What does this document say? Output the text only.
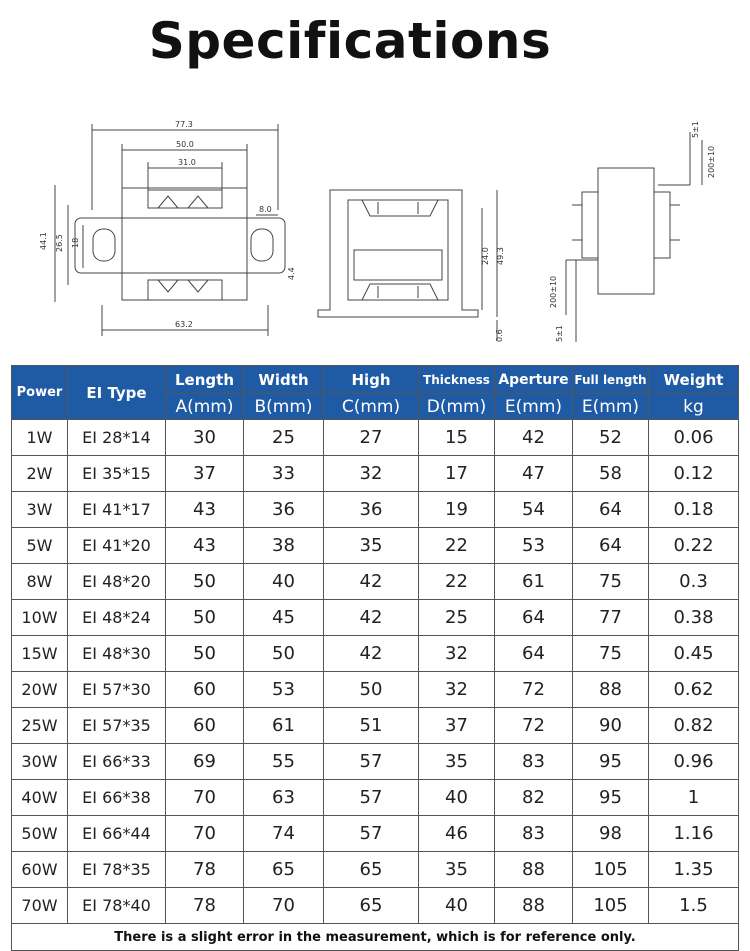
Specifications
77.3
50.0
31.0
8.0
44.1 26.5 18
4.4
63.2
24.0 49.3
0.6
5±1
200±10
200±10
5±1
Power	EI Type	Length	Width	High	Thickness	Aperture	Full length	Weight
		A(mm)	B(mm)	C(mm)	D(mm)	E(mm)	E(mm)	kg
1W	EI 28*14	30	25	27	15	42	52	0.06
2W	EI 35*15	37	33	32	17	47	58	0.12
3W	EI 41*17	43	36	36	19	54	64	0.18
5W	EI 41*20	43	38	35	22	53	64	0.22
8W	EI 48*20	50	40	42	22	61	75	0.3
10W	EI 48*24	50	45	42	25	64	77	0.38
15W	EI 48*30	50	50	42	32	64	75	0.45
20W	EI 57*30	60	53	50	32	72	88	0.62
25W	EI 57*35	60	61	51	37	72	90	0.82
30W	EI 66*33	69	55	57	35	83	95	0.96
40W	EI 66*38	70	63	57	40	82	95	1
50W	EI 66*44	70	74	57	46	83	98	1.16
60W	EI 78*35	78	65	65	35	88	105	1.35
70W	EI 78*40	78	70	65	40	88	105	1.5
There is a slight error in the measurement, which is for reference only.								
